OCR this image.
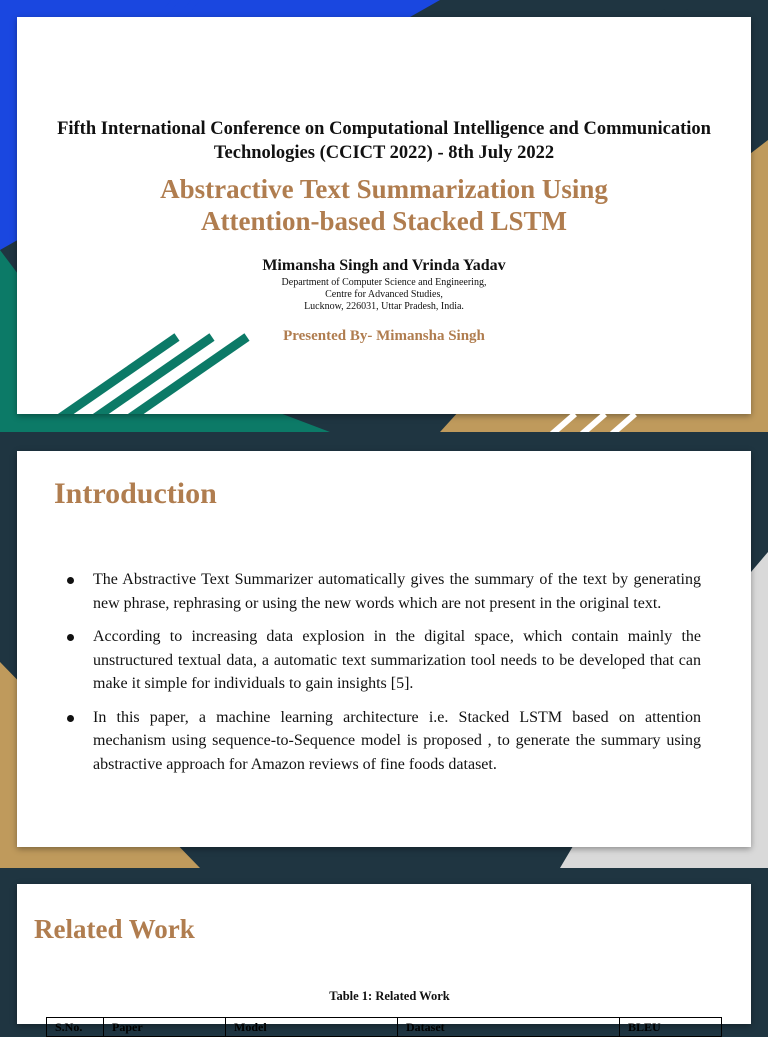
Fifth International Conference on Computational Intelligence and Communication Technologies (CCICT 2022) - 8th July 2022
Abstractive Text Summarization Using
Attention-based Stacked LSTM
Mimansha Singh and Vrinda Yadav
Department of Computer Science and Engineering,
Centre for Advanced Studies,
Lucknow, 226031, Uttar Pradesh, India.
Presented By- Mimansha Singh
Introduction
The Abstractive Text Summarizer automatically gives the summary of the text by generating new phrase, rephrasing or using the new words which are not present in the original text.
According to increasing data explosion in the digital space, which contain mainly the unstructured textual data, a automatic text summarization tool needs to be developed that can make it simple for individuals to gain insights [5].
In this paper, a machine learning architecture i.e. Stacked LSTM based on attention mechanism using sequence-to-Sequence model is proposed , to generate the summary using abstractive approach for Amazon reviews of fine foods dataset.
Related Work
Table 1: Related Work
S.No.	Paper	Model	Dataset	BLEU
